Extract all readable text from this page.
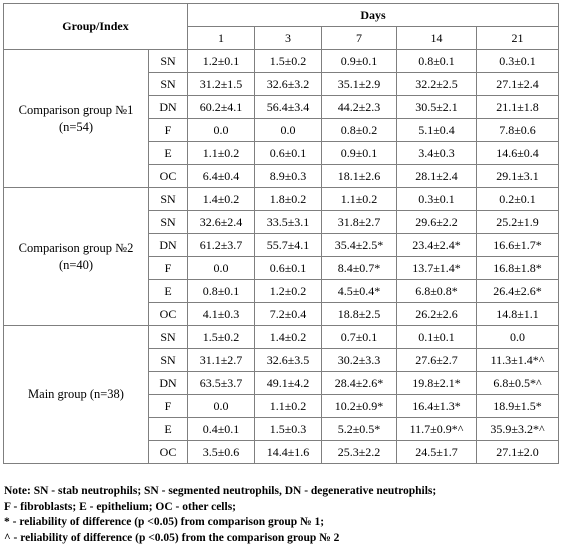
Group/Index		Days				
		1	3	7	14	21

Comparison group №1
(n=54)	SN	1.2±0.1	1.5±0.2	0.9±0.1	0.8±0.1	0.3±0.1
	SN	31.2±1.5	32.6±3.2	35.1±2.9	32.2±2.5	27.1±2.4
	DN	60.2±4.1	56.4±3.4	44.2±2.3	30.5±2.1	21.1±1.8
	F	0.0	0.0	0.8±0.2	5.1±0.4	7.8±0.6
	E	1.1±0.2	0.6±0.1	0.9±0.1	3.4±0.3	14.6±0.4
	OC	6.4±0.4	8.9±0.3	18.1±2.6	28.1±2.4	29.1±3.1

Comparison group №2
(n=40)	SN	1.4±0.2	1.8±0.2	1.1±0.2	0.3±0.1	0.2±0.1
	SN	32.6±2.4	33.5±3.1	31.8±2.7	29.6±2.2	25.2±1.9
	DN	61.2±3.7	55.7±4.1	35.4±2.5*	23.4±2.4*	16.6±1.7*
	F	0.0	0.6±0.1	8.4±0.7*	13.7±1.4*	16.8±1.8*
	E	0.8±0.1	1.2±0.2	4.5±0.4*	6.8±0.8*	26.4±2.6*
	OC	4.1±0.3	7.2±0.4	18.8±2.5	26.2±2.6	14.8±1.1

Main group (n=38)	SN	1.5±0.2	1.4±0.2	0.7±0.1	0.1±0.1	0.0
	SN	31.1±2.7	32.6±3.5	30.2±3.3	27.6±2.7	11.3±1.4*^
	DN	63.5±3.7	49.1±4.2	28.4±2.6*	19.8±2.1*	6.8±0.5*^
	F	0.0	1.1±0.2	10.2±0.9*	16.4±1.3*	18.9±1.5*
	E	0.4±0.1	1.5±0.3	5.2±0.5*	11.7±0.9*^	35.9±3.2*^
	OC	3.5±0.6	14.4±1.6	25.3±2.2	24.5±1.7	27.1±2.0
Note: SN - stab neutrophils; SN - segmented neutrophils, DN - degenerative neutrophils;
F - fibroblasts; E - epithelium; OC - other cells;
* - reliability of difference (p <0.05) from comparison group № 1;
^ - reliability of difference (p <0.05) from the comparison group № 2
